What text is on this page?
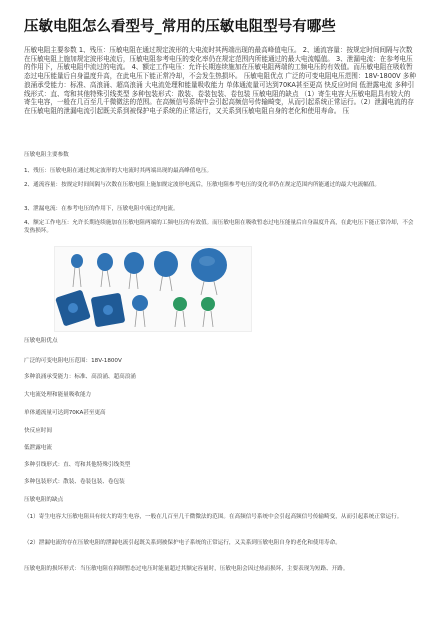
压敏电阻怎么看型号_常用的压敏电阻型号有哪些
压敏电阻主要参数 1、残压：压敏电阻在通过规定波形的大电流时其两端出现的最高峰值电压。 2、通流容量：按规定时间间隔与次数在压敏电阻上施加规定波形电流后，压敏电阻参考电压的变化率仍在规定范围内所能通过的最大电流幅值。 3、泄漏电流：在参考电压的作用下，压敏电阻中流过的电流。 4、额定工作电压：允许长期连续施加在压敏电阻两端的工频电压的有效值。而压敏电阻在吸收暂态过电压能量后自身温度升高，在此电压下能正常冷却，不会发生热损坏。 压敏电阻优点 广泛的可变电阻电压范围：18V-1800V 多种浪涌承受能力：标准、高浪涌、超高浪涌 大电流处理和能量吸收能力 单体通流量可达到70KA甚至更高 快反应时间 低泄露电流 多种引线形式：直、弯和其他特殊引线类型 多种包装形式：散装、卷装包装、卷包装 压敏电阻的缺点 （1）寄生电容大压敏电阻具有较大的寄生电容，一般在几百至几千微微法的范围。在高频信号系统中会引起高频信号传输畸变，从而引起系统正常运行。（2）泄漏电流的存在压敏电阻的泄漏电流引起既关系到被保护电子系统的正常运行，又关系到压敏电阻自身的老化和使用寿命。 压
压敏电阻主要参数
1、残压：压敏电阻在通过规定波形的大电流时其两端出现的最高峰值电压。
2、通流容量：按规定时间间隔与次数在压敏电阻上施加规定波形电流后，压敏电阻参考电压的变化率仍在规定范围内所能通过的最大电流幅值。
3、泄漏电流：在参考电压的作用下，压敏电阻中流过的电流。
4、额定工作电压：允许长期连续施加在压敏电阻两端的工频电压的有效值。而压敏电阻在吸收暂态过电压能量后自身温度升高，在此电压下能正常冷却，不会发热损坏。
压敏电阻优点
广泛的可变电阻电压范围：18V-1800V
多种浪涌承受能力：标准、高浪涌、超高浪涌
大电流处理和能量吸收能力
单体通流量可达到70KA甚至更高
快反应时间
低泄露电流
多种引线形式：直、弯和其他特殊引线类型
多种包装形式：散装、卷装包装、卷包装
压敏电阻的缺点
（1）寄生电容大压敏电阻具有较大的寄生电容，一般在几百至几千微微法的范围。在高频信号系统中会引起高频信号传输畸变，从而引起系统正常运行。
（2）泄漏电流的存在压敏电阻的泄漏电流引起既关系到被保护电子系统的正常运行，又关系到压敏电阻自身的老化和使用寿命。
压敏电阻的损坏形式：当压敏电阻在抑制暂态过电压时能量超过其额定容量时，压敏电阻会因过热而损坏，主要表现为短路、开路。
